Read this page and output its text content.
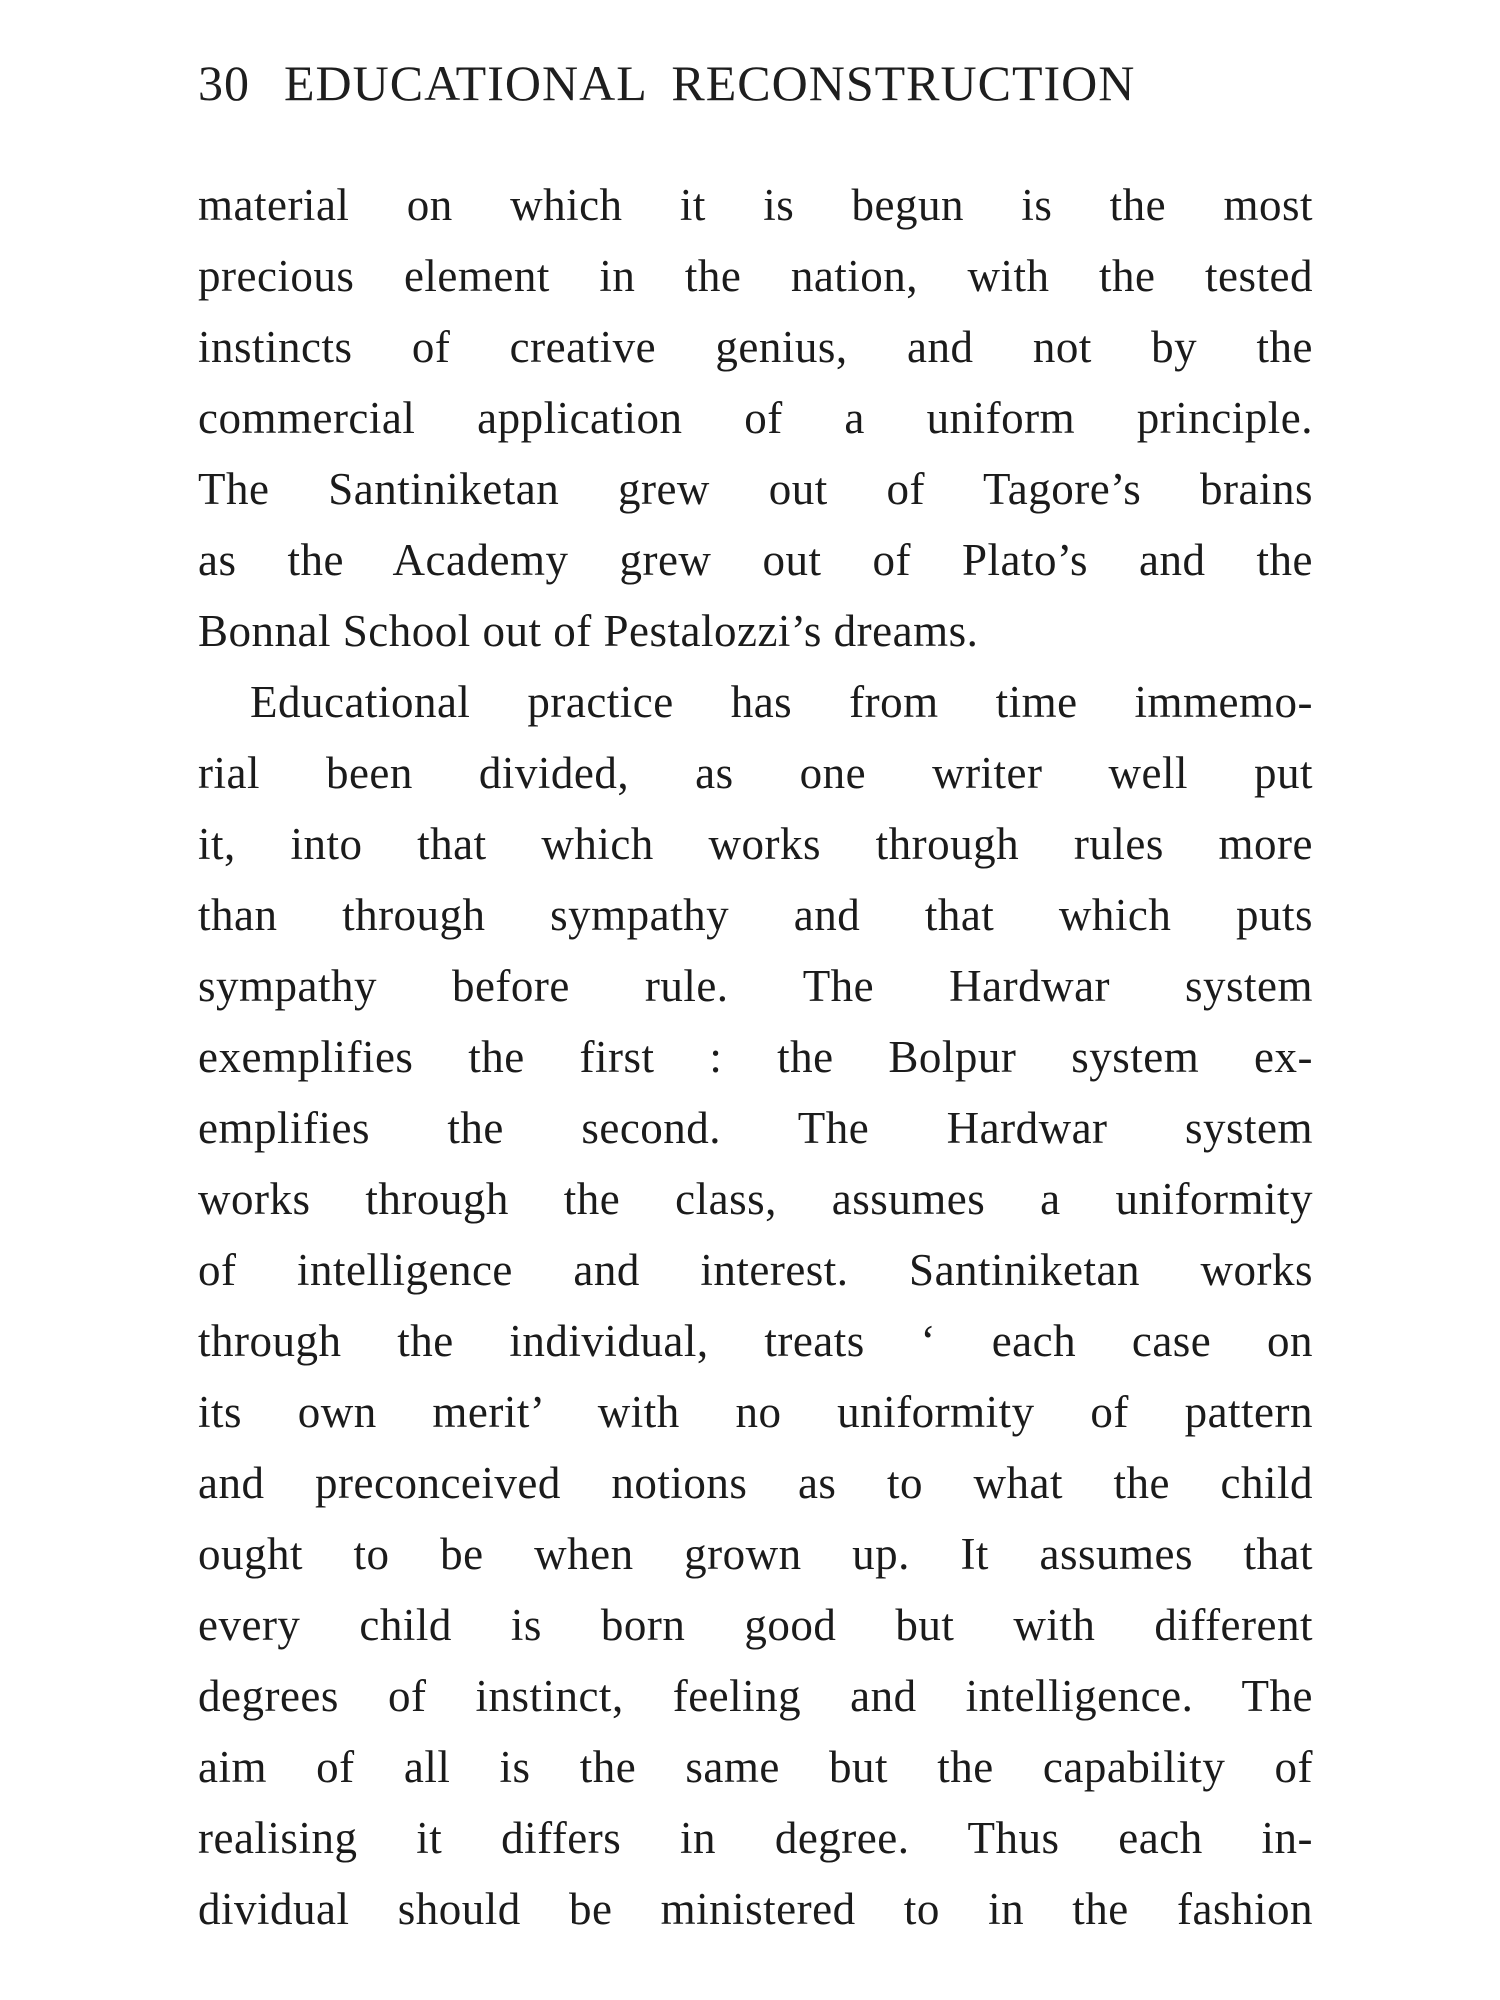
30 EDUCATIONAL RECONSTRUCTION
material on which it is begun is the most
precious element in the nation, with the tested
instincts of creative genius, and not by the
commercial application of a uniform principle.
The Santiniketan grew out of Tagore’s brains
as the Academy grew out of Plato’s and the
Bonnal School out of Pestalozzi’s dreams.
Educational practice has from time immemo-
rial been divided, as one writer well put
it, into that which works through rules more
than through sympathy and that which puts
sympathy before rule. The Hardwar system
exemplifies the first : the Bolpur system ex-
emplifies the second. The Hardwar system
works through the class, assumes a uniformity
of intelligence and interest. Santiniketan works
through the individual, treats ‘ each case on
its own merit’ with no uniformity of pattern
and preconceived notions as to what the child
ought to be when grown up. It assumes that
every child is born good but with different
degrees of instinct, feeling and intelligence. The
aim of all is the same but the capability of
realising it differs in degree. Thus each in-
dividual should be ministered to in the fashion
